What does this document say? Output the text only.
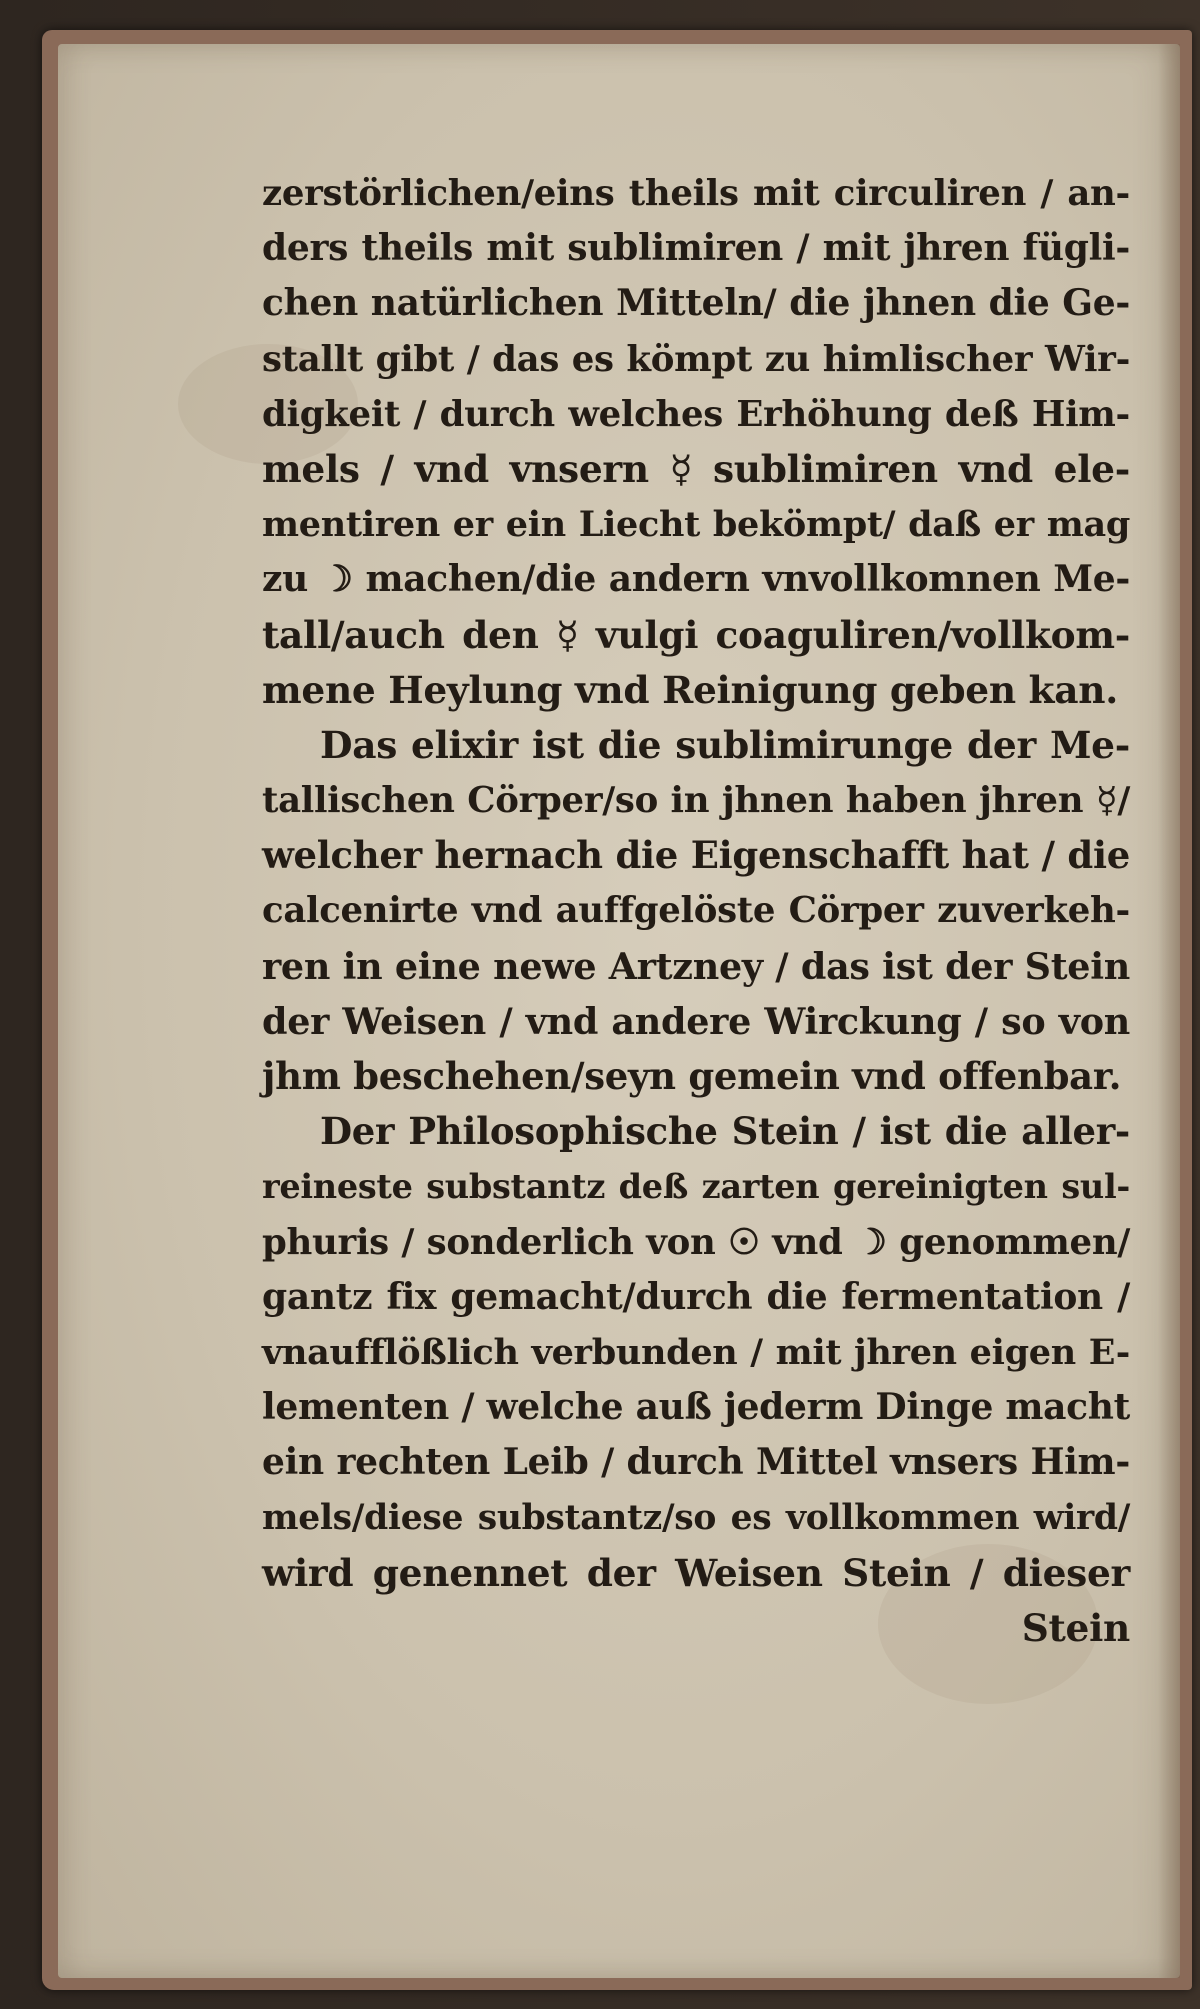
zerstörlichen/eins theils mit circuliren / an-
ders theils mit sublimiren / mit jhren fügli-
chen natürlichen Mitteln/ die jhnen die Ge-
stallt gibt / das es kömpt zu himlischer Wir-
digkeit / durch welches Erhöhung deß Him-
mels / vnd vnsern ☿ sublimiren vnd ele-
mentiren er ein Liecht bekömpt/ daß er mag
zu ☽ machen/die andern vnvollkomnen Me-
tall/auch den ☿ vulgi coaguliren/vollkom-
mene Heylung vnd Reinigung geben kan.
Das elixir ist die sublimirunge der Me-
tallischen Cörper/so in jhnen haben jhren ☿/
welcher hernach die Eigenschafft hat / die
calcenirte vnd auffgelöste Cörper zuverkeh-
ren in eine newe Artzney / das ist der Stein
der Weisen / vnd andere Wirckung / so von
jhm beschehen/seyn gemein vnd offenbar.
Der Philosophische Stein / ist die aller-
reineste substantz deß zarten gereinigten sul-
phuris / sonderlich von ☉ vnd ☽ genommen/
gantz fix gemacht/durch die fermentation /
vnaufflößlich verbunden / mit jhren eigen E-
lementen / welche auß jederm Dinge macht
ein rechten Leib / durch Mittel vnsers Him-
mels/diese substantz/so es vollkommen wird/
wird genennet der Weisen Stein / dieser
Stein
